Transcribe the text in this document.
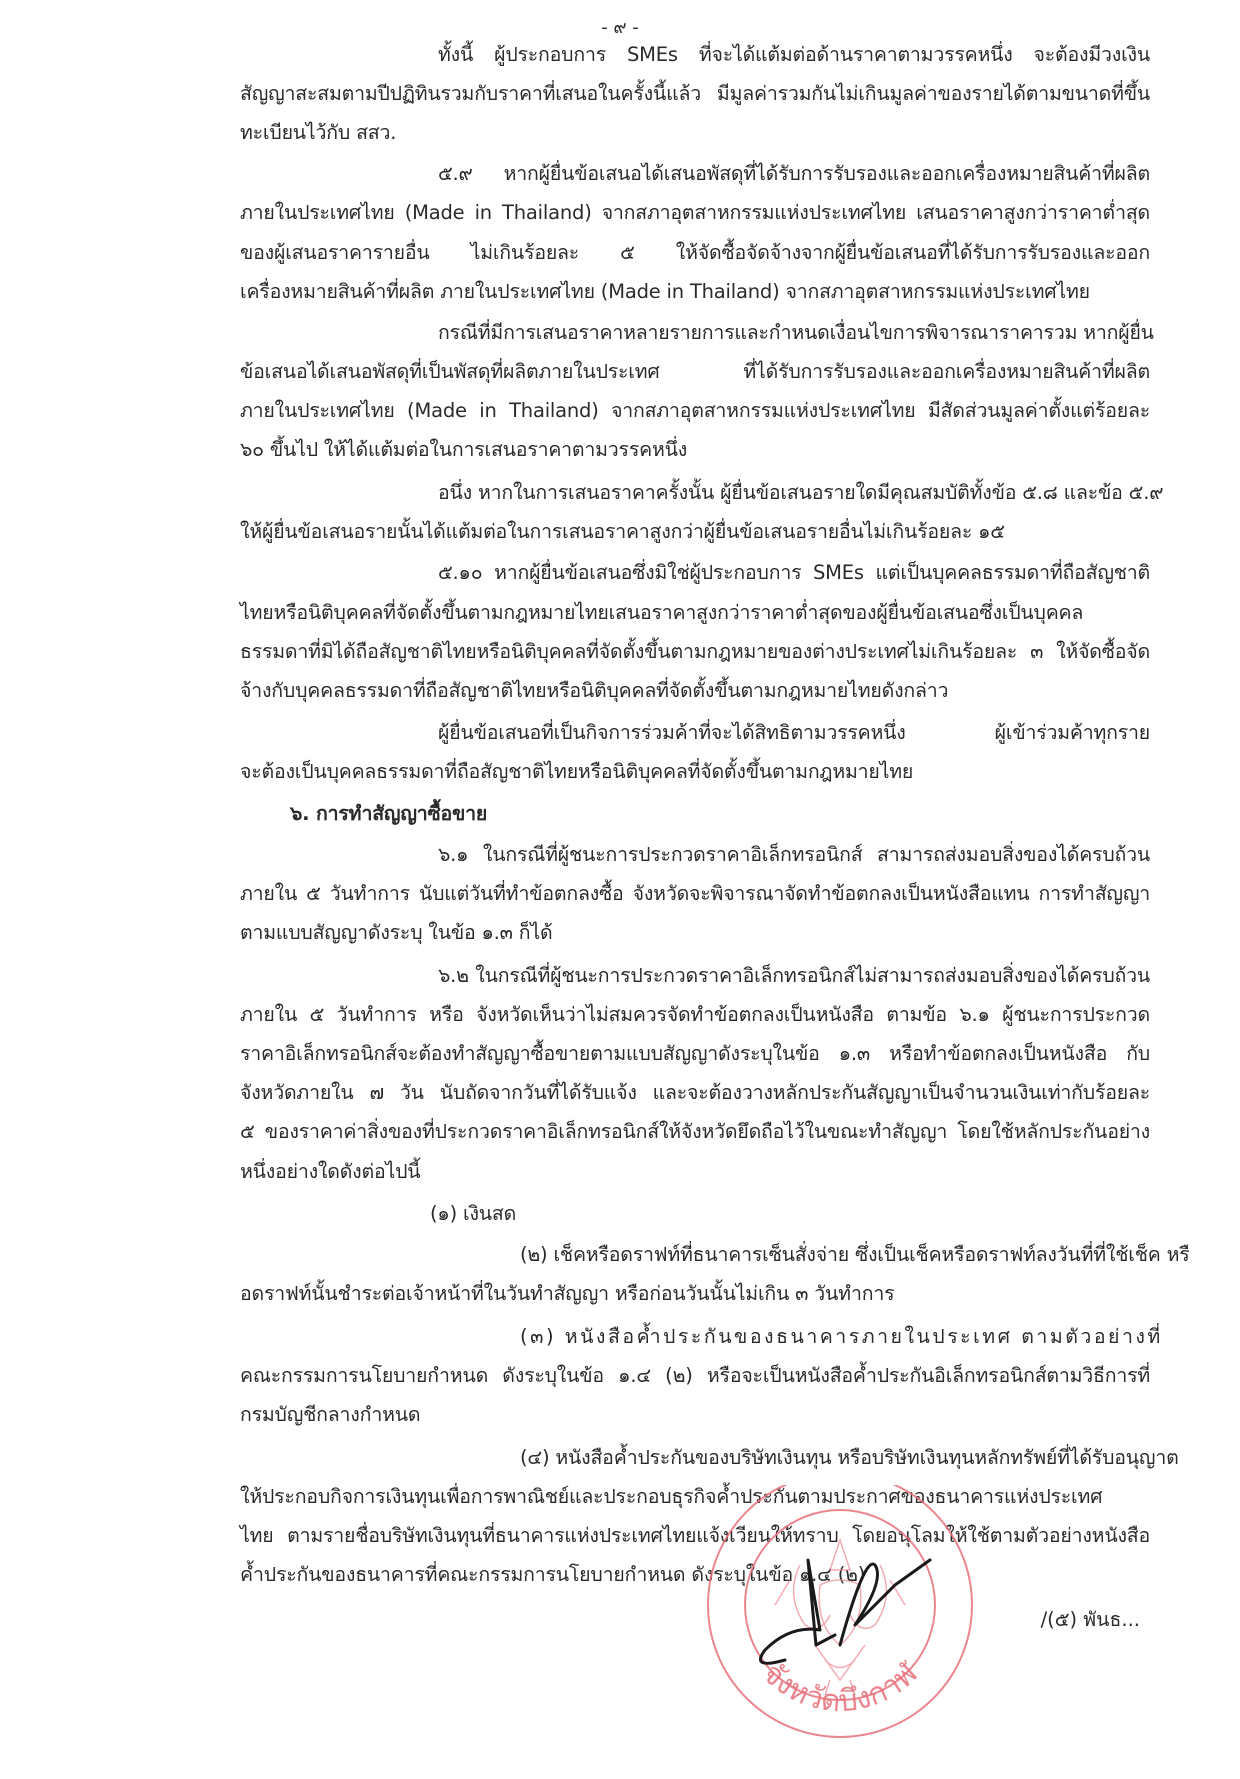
- ๙ -
ทั้งนี้ ผู้ประกอบการ SMEs ที่จะได้แต้มต่อด้านราคาตามวรรคหนึ่ง จะต้องมีวงเงิน
สัญญาสะสมตามปีปฏิทินรวมกับราคาที่เสนอในครั้งนี้แล้ว มีมูลค่ารวมกันไม่เกินมูลค่าของรายได้ตามขนาดที่ขึ้น
ทะเบียนไว้กับ สสว.
๕.๙ หากผู้ยื่นข้อเสนอได้เสนอพัสดุที่ได้รับการรับรองและออกเครื่องหมายสินค้าที่ผลิต
ภายในประเทศไทย (Made in Thailand) จากสภาอุตสาหกรรมแห่งประเทศไทย เสนอราคาสูงกว่าราคาต่ำสุด
ของผู้เสนอราคารายอื่น ไม่เกินร้อยละ ๕ ให้จัดซื้อจัดจ้างจากผู้ยื่นข้อเสนอที่ได้รับการรับรองและออก
เครื่องหมายสินค้าที่ผลิต ภายในประเทศไทย (Made in Thailand) จากสภาอุตสาหกรรมแห่งประเทศไทย
กรณีที่มีการเสนอราคาหลายรายการและกำหนดเงื่อนไขการพิจารณาราคารวม หากผู้ยื่น
ข้อเสนอได้เสนอพัสดุที่เป็นพัสดุที่ผลิตภายในประเทศ ที่ได้รับการรับรองและออกเครื่องหมายสินค้าที่ผลิต
ภายในประเทศไทย (Made in Thailand) จากสภาอุตสาหกรรมแห่งประเทศไทย มีสัดส่วนมูลค่าตั้งแต่ร้อยละ
๖๐ ขึ้นไป ให้ได้แต้มต่อในการเสนอราคาตามวรรคหนึ่ง
อนึ่ง หากในการเสนอราคาครั้งนั้น ผู้ยื่นข้อเสนอรายใดมีคุณสมบัติทั้งข้อ ๕.๘ และข้อ ๕.๙
ให้ผู้ยื่นข้อเสนอรายนั้นได้แต้มต่อในการเสนอราคาสูงกว่าผู้ยื่นข้อเสนอรายอื่นไม่เกินร้อยละ ๑๕
๕.๑๐ หากผู้ยื่นข้อเสนอซึ่งมิใช่ผู้ประกอบการ SMEs แต่เป็นบุคคลธรรมดาที่ถือสัญชาติ
ไทยหรือนิติบุคคลที่จัดตั้งขึ้นตามกฎหมายไทยเสนอราคาสูงกว่าราคาต่ำสุดของผู้ยื่นข้อเสนอซึ่งเป็นบุคคล
ธรรมดาที่มิได้ถือสัญชาติไทยหรือนิติบุคคลที่จัดตั้งขึ้นตามกฎหมายของต่างประเทศไม่เกินร้อยละ ๓ ให้จัดซื้อจัด
จ้างกับบุคคลธรรมดาที่ถือสัญชาติไทยหรือนิติบุคคลที่จัดตั้งขึ้นตามกฎหมายไทยดังกล่าว
ผู้ยื่นข้อเสนอที่เป็นกิจการร่วมค้าที่จะได้สิทธิตามวรรคหนึ่ง ผู้เข้าร่วมค้าทุกราย
จะต้องเป็นบุคคลธรรมดาที่ถือสัญชาติไทยหรือนิติบุคคลที่จัดตั้งขึ้นตามกฎหมายไทย
๖. การทำสัญญาซื้อขาย
๖.๑ ในกรณีที่ผู้ชนะการประกวดราคาอิเล็กทรอนิกส์ สามารถส่งมอบสิ่งของได้ครบถ้วน
ภายใน ๕ วันทำการ นับแต่วันที่ทำข้อตกลงซื้อ จังหวัดจะพิจารณาจัดทำข้อตกลงเป็นหนังสือแทน การทำสัญญา
ตามแบบสัญญาดังระบุ ในข้อ ๑.๓ ก็ได้
๖.๒ ในกรณีที่ผู้ชนะการประกวดราคาอิเล็กทรอนิกส์ไม่สามารถส่งมอบสิ่งของได้ครบถ้วน
ภายใน ๕ วันทำการ หรือ จังหวัดเห็นว่าไม่สมควรจัดทำข้อตกลงเป็นหนังสือ ตามข้อ ๖.๑ ผู้ชนะการประกวด
ราคาอิเล็กทรอนิกส์จะต้องทำสัญญาซื้อขายตามแบบสัญญาดังระบุในข้อ ๑.๓ หรือทำข้อตกลงเป็นหนังสือ กับ
จังหวัดภายใน ๗ วัน นับถัดจากวันที่ได้รับแจ้ง และจะต้องวางหลักประกันสัญญาเป็นจำนวนเงินเท่ากับร้อยละ
๕ ของราคาค่าสิ่งของที่ประกวดราคาอิเล็กทรอนิกส์ให้จังหวัดยึดถือไว้ในขณะทำสัญญา โดยใช้หลักประกันอย่าง
หนึ่งอย่างใดดังต่อไปนี้
(๑) เงินสด
(๒) เช็คหรือดราฟท์ที่ธนาคารเซ็นสั่งจ่าย ซึ่งเป็นเช็คหรือดราฟท์ลงวันที่ที่ใช้เช็ค หรื
อดราฟท์นั้นชำระต่อเจ้าหน้าที่ในวันทำสัญญา หรือก่อนวันนั้นไม่เกิน ๓ วันทำการ
(๓) หนังสือค้ำประกันของธนาคารภายในประเทศ ตามตัวอย่างที่
คณะกรรมการนโยบายกำหนด ดังระบุในข้อ ๑.๔ (๒) หรือจะเป็นหนังสือค้ำประกันอิเล็กทรอนิกส์ตามวิธีการที่
กรมบัญชีกลางกำหนด
(๔) หนังสือค้ำประกันของบริษัทเงินทุน หรือบริษัทเงินทุนหลักทรัพย์ที่ได้รับอนุญาต
ให้ประกอบกิจการเงินทุนเพื่อการพาณิชย์และประกอบธุรกิจค้ำประกันตามประกาศของธนาคารแห่งประเทศ
ไทย ตามรายชื่อบริษัทเงินทุนที่ธนาคารแห่งประเทศไทยแจ้งเวียนให้ทราบ โดยอนุโลมให้ใช้ตามตัวอย่างหนังสือ
ค้ำประกันของธนาคารที่คณะกรรมการนโยบายกำหนด ดังระบุในข้อ ๑.๔ (๒)
/(๕) พันธ...
จังหวัดบึงกาฬ
